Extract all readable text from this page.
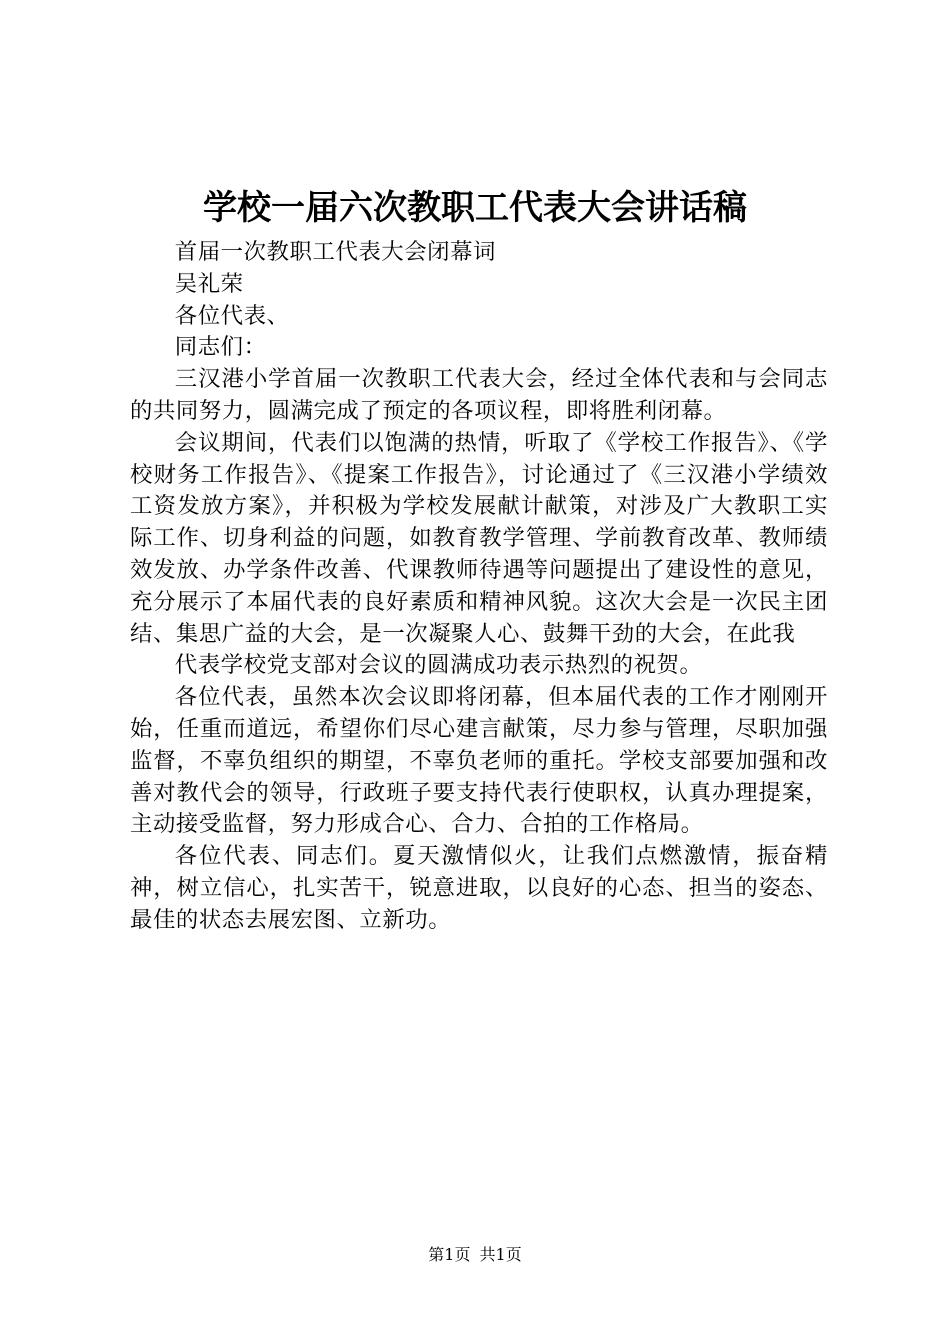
学校一届六次教职工代表大会讲话稿

首届一次教职工代表大会闭幕词

吴礼荣

各位代表、

同志们：

三汉港小学首届一次教职工代表大会，经过全体代表和与会同志的共同努力，圆满完成了预定的各项议程，即将胜利闭幕。

会议期间，代表们以饱满的热情，听取了《学校工作报告》、《学校财务工作报告》、《提案工作报告》，讨论通过了《三汉港小学绩效工资发放方案》，并积极为学校发展献计献策，对涉及广大教职工实际工作、切身利益的问题，如教育教学管理、学前教育改革、教师绩效发放、办学条件改善、代课教师待遇等问题提出了建设性的意见，充分展示了本届代表的良好素质和精神风貌。这次大会是一次民主团结、集思广益的大会，是一次凝聚人心、鼓舞干劲的大会，在此我

代表学校党支部对会议的圆满成功表示热烈的祝贺。

各位代表，虽然本次会议即将闭幕，但本届代表的工作才刚刚开始，任重而道远，希望你们尽心建言献策，尽力参与管理，尽职加强监督，不辜负组织的期望，不辜负老师的重托。学校支部要加强和改善对教代会的领导，行政班子要支持代表行使职权，认真办理提案，主动接受监督，努力形成合心、合力、合拍的工作格局。

各位代表、同志们。夏天激情似火，让我们点燃激情，振奋精神，树立信心，扎实苦干，锐意进取，以良好的心态、担当的姿态、最佳的状态去展宏图、立新功。

第1页 共1页
